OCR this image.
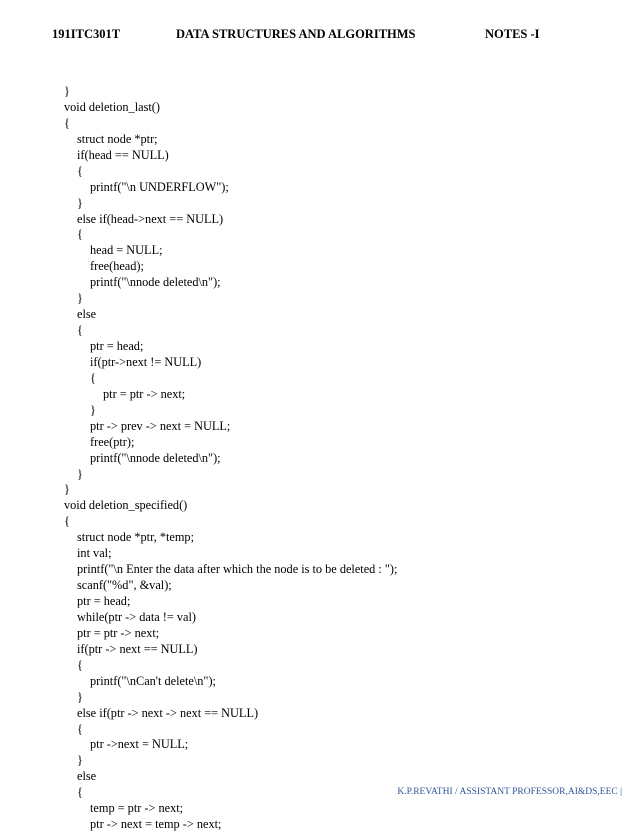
191ITC301T	DATA STRUCTURES AND ALGORITHMS	NOTES -I
}
void deletion_last()
{
struct node *ptr;
if(head == NULL)
{
printf("\n UNDERFLOW");
}
else if(head->next == NULL)
{
head = NULL;
free(head);
printf("\nnode deleted\n");
}
else
{
ptr = head;
if(ptr->next != NULL)
{
ptr = ptr -> next;
}
ptr -> prev -> next = NULL;
free(ptr);
printf("\nnode deleted\n");
}
}
void deletion_specified()
{
struct node *ptr, *temp;
int val;
printf("\n Enter the data after which the node is to be deleted : ");
scanf("%d", &val);
ptr = head;
while(ptr -> data != val)
ptr = ptr -> next;
if(ptr -> next == NULL)
{
printf("\nCan't delete\n");
}
else if(ptr -> next -> next == NULL)
{
ptr ->next = NULL;
}
else
{
temp = ptr -> next;
ptr -> next = temp -> next;
K.P.REVATHI / ASSISTANT PROFESSOR,AI&DS,EEC |
